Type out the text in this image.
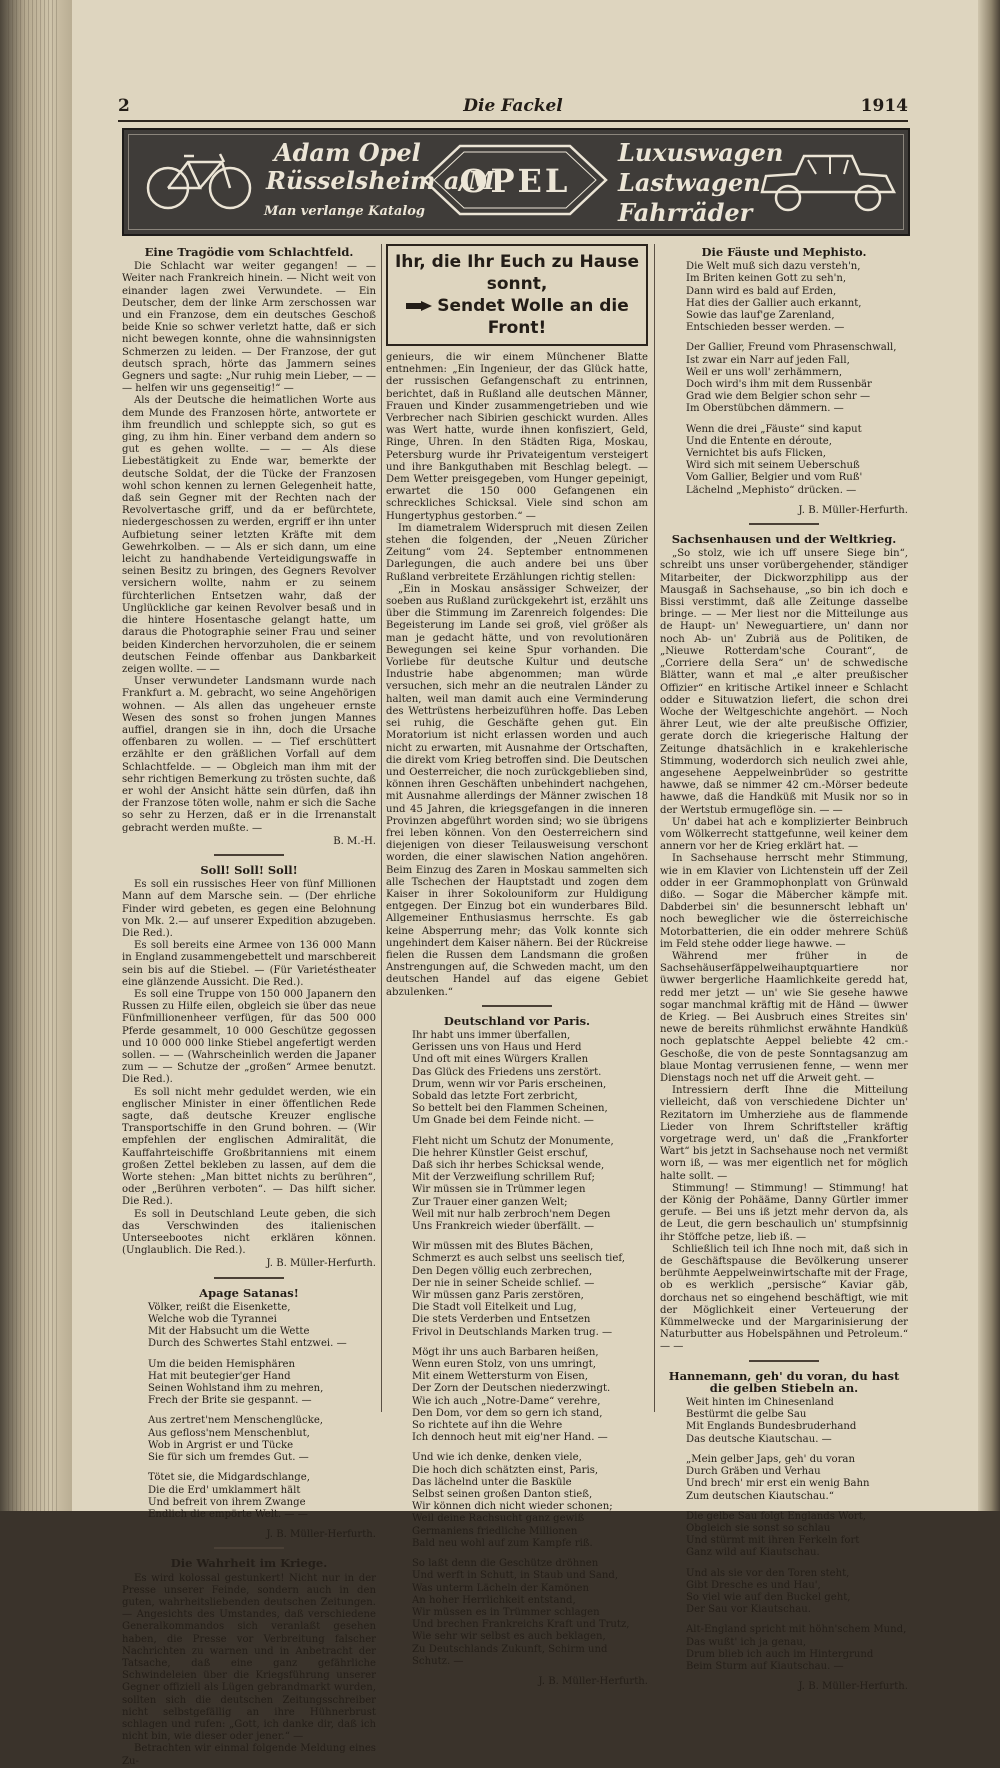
2	Die Fackel	1914
Adam Opel
Rüsselsheim a/M
Man verlange Katalog
OPEL
Luxuswagen
Lastwagen
Fahrräder
Eine Tragödie vom Schlachtfeld.

Die Schlacht war weiter gegangen! — — Weiter nach Frankreich hinein. — Nicht weit von einander lagen zwei Verwundete. — Ein Deutscher, dem der linke Arm zerschossen war und ein Franzose, dem ein deutsches Geschoß beide Knie so schwer verletzt hatte, daß er sich nicht bewegen konnte, ohne die wahnsinnigsten Schmerzen zu leiden. — Der Franzose, der gut deutsch sprach, hörte das Jammern seines Gegners und sagte: „Nur ruhig mein Lieber, — — — helfen wir uns gegenseitig!“ —

Als der Deutsche die heimatlichen Worte aus dem Munde des Franzosen hörte, antwortete er ihm freundlich und schleppte sich, so gut es ging, zu ihm hin. Einer verband dem andern so gut es gehen wollte. — — — Als diese Liebestätigkeit zu Ende war, bemerkte der deutsche Soldat, der die Tücke der Franzosen wohl schon kennen zu lernen Gelegenheit hatte, daß sein Gegner mit der Rechten nach der Revolvertasche griff, und da er befürchtete, niedergeschossen zu werden, ergriff er ihn unter Aufbietung seiner letzten Kräfte mit dem Gewehrkolben. — — Als er sich dann, um eine leicht zu handhabende Verteidigungswaffe in seinen Besitz zu bringen, des Gegners Revolver versichern wollte, nahm er zu seinem fürchterlichen Entsetzen wahr, daß der Unglückliche gar keinen Revolver besaß und in die hintere Hosentasche gelangt hatte, um daraus die Photographie seiner Frau und seiner beiden Kinderchen hervorzuholen, die er seinem deutschen Feinde offenbar aus Dankbarkeit zeigen wollte. — —

Unser verwundeter Landsmann wurde nach Frankfurt a. M. gebracht, wo seine Angehörigen wohnen. — Als allen das ungeheuer ernste Wesen des sonst so frohen jungen Mannes auffiel, drangen sie in ihn, doch die Ursache offenbaren zu wollen. — — Tief erschüttert erzählte er den gräßlichen Vorfall auf dem Schlachtfelde. — — Obgleich man ihm mit der sehr richtigen Bemerkung zu trösten suchte, daß er wohl der Ansicht hätte sein dürfen, daß ihn der Franzose töten wolle, nahm er sich die Sache so sehr zu Herzen, daß er in die Irrenanstalt gebracht werden mußte. —

B. M.-H.

Soll! Soll! Soll!

Es soll ein russisches Heer von fünf Millionen Mann auf dem Marsche sein. — (Der ehrliche Finder wird gebeten, es gegen eine Belohnung von Mk. 2.— auf unserer Expedition abzugeben. Die Red.).

Es soll bereits eine Armee von 136 000 Mann in England zusammengebettelt und marschbereit sein bis auf die Stiebel. — (Für Varietéstheater eine glänzende Aussicht. Die Red.).

Es soll eine Truppe von 150 000 Japanern den Russen zu Hilfe eilen, obgleich sie über das neue Fünfmillionenheer verfügen, für das 500 000 Pferde gesammelt, 10 000 Geschütze gegossen und 10 000 000 linke Stiebel angefertigt werden sollen. — — (Wahrscheinlich werden die Japaner zum — — Schutze der „großen“ Armee benutzt. Die Red.).

Es soll nicht mehr geduldet werden, wie ein englischer Minister in einer öffentlichen Rede sagte, daß deutsche Kreuzer englische Transportschiffe in den Grund bohren. — (Wir empfehlen der englischen Admiralität, die Kauffahrteischiffe Großbritanniens mit einem großen Zettel bekleben zu lassen, auf dem die Worte stehen: „Man bittet nichts zu berühren“, oder „Berühren verboten“. — Das hilft sicher. Die Red.).

Es soll in Deutschland Leute geben, die sich das Verschwinden des italienischen Unterseebootes nicht erklären können. (Unglaublich. Die Red.).

J. B. Müller-Herfurth.

Apage Satanas!
Völker, reißt die Eisenkette,
Welche wob die Tyrannei
Mit der Habsucht um die Wette
Durch des Schwertes Stahl entzwei. —
Um die beiden Hemisphären
Hat mit beutegier'ger Hand
Seinen Wohlstand ihm zu mehren,
Frech der Brite sie gespannt. —
Aus zertret'nem Menschenglücke,
Aus gefloss'nem Menschenblut,
Wob in Argrist er und Tücke
Sie für sich um fremdes Gut. —
Tötet sie, die Midgardschlange,
Die die Erd' umklammert hält
Und befreit von ihrem Zwange
Endlich die empörte Welt. — —

J. B. Müller-Herfurth.

Die Wahrheit im Kriege.

Es wird kolossal gestunkert! Nicht nur in der Presse unserer Feinde, sondern auch in den guten, wahrheitsliebenden deutschen Zeitungen. — Angesichts des Umstandes, daß verschiedene Generalkommandos sich veranlaßt gesehen haben, die Presse vor Verbreitung falscher Nachrichten zu warnen und in Anbetracht der Tatsache, daß eine ganz gefährliche Schwindeleien über die Kriegsführung unserer Gegner offiziell als Lügen gebrandmarkt wurden, sollten sich die deutschen Zeitungsschreiber nicht selbstgefällig an ihre Hühnerbrust schlagen und rufen: „Gott, ich danke dir, daß ich nicht bin, wie dieser oder jener.“ —

Betrachten wir einmal folgende Meldung eines Zu-

Ihr, die Ihr Euch zu Hause sonnt,
Sendet Wolle an die Front!

genieurs, die wir einem Münchener Blatte entnehmen: „Ein Ingenieur, der das Glück hatte, der russischen Gefangenschaft zu entrinnen, berichtet, daß in Rußland alle deutschen Männer, Frauen und Kinder zusammengetrieben und wie Verbrecher nach Sibirien geschickt wurden. Alles was Wert hatte, wurde ihnen konfisziert, Geld, Ringe, Uhren. In den Städten Riga, Moskau, Petersburg wurde ihr Privateigentum versteigert und ihre Bankguthaben mit Beschlag belegt. — Dem Wetter preisgegeben, vom Hunger gepeinigt, erwartet die 150 000 Gefangenen ein schreckliches Schicksal. Viele sind schon am Hungertyphus gestorben.“ —

Im diametralem Widerspruch mit diesen Zeilen stehen die folgenden, der „Neuen Züricher Zeitung“ vom 24. September entnommenen Darlegungen, die auch andere bei uns über Rußland verbreitete Erzählungen richtig stellen:

„Ein in Moskau ansässiger Schweizer, der soeben aus Rußland zurückgekehrt ist, erzählt uns über die Stimmung im Zarenreich folgendes: Die Begeisterung im Lande sei groß, viel größer als man je gedacht hätte, und von revolutionären Bewegungen sei keine Spur vorhanden. Die Vorliebe für deutsche Kultur und deutsche Industrie habe abgenommen; man würde versuchen, sich mehr an die neutralen Länder zu halten, weil man damit auch eine Verminderung des Wettrüstens herbeizuführen hoffe. Das Leben sei ruhig, die Geschäfte gehen gut. Ein Moratorium ist nicht erlassen worden und auch nicht zu erwarten, mit Ausnahme der Ortschaften, die direkt vom Krieg betroffen sind. Die Deutschen und Oesterreicher, die noch zurückgeblieben sind, können ihren Geschäften unbehindert nachgehen, mit Ausnahme allerdings der Männer zwischen 18 und 45 Jahren, die kriegsgefangen in die inneren Provinzen abgeführt worden sind; wo sie übrigens frei leben können. Von den Oesterreichern sind diejenigen von dieser Teilausweisung verschont worden, die einer slawischen Nation angehören. Beim Einzug des Zaren in Moskau sammelten sich alle Tschechen der Hauptstadt und zogen dem Kaiser in ihrer Sokolouniform zur Huldigung entgegen. Der Einzug bot ein wunderbares Bild. Allgemeiner Enthusiasmus herrschte. Es gab keine Absperrung mehr; das Volk konnte sich ungehindert dem Kaiser nähern. Bei der Rückreise fielen die Russen dem Landsmann die großen Anstrengungen auf, die Schweden macht, um den deutschen Handel auf das eigene Gebiet abzulenken.“

Deutschland vor Paris.
Ihr habt uns immer überfallen,
Gerissen uns von Haus und Herd
Und oft mit eines Würgers Krallen
Das Glück des Friedens uns zerstört.
Drum, wenn wir vor Paris erscheinen,
Sobald das letzte Fort zerbricht,
So bettelt bei den Flammen Scheinen,
Um Gnade bei dem Feinde nicht. —
Fleht nicht um Schutz der Monumente,
Die hehrer Künstler Geist erschuf,
Daß sich ihr herbes Schicksal wende,
Mit der Verzweiflung schrillem Ruf;
Wir müssen sie in Trümmer legen
Zur Trauer einer ganzen Welt;
Weil mit nur halb zerbroch'nem Degen
Uns Frankreich wieder überfällt. —
Wir müssen mit des Blutes Bächen,
Schmerzt es auch selbst uns seelisch tief,
Den Degen völlig euch zerbrechen,
Der nie in seiner Scheide schlief. —
Wir müssen ganz Paris zerstören,
Die Stadt voll Eitelkeit und Lug,
Die stets Verderben und Entsetzen
Frivol in Deutschlands Marken trug. —
Mögt ihr uns auch Barbaren heißen,
Wenn euren Stolz, von uns umringt,
Mit einem Wettersturm von Eisen,
Der Zorn der Deutschen niederzwingt.
Wie ich auch „Notre-Dame“ verehre,
Den Dom, vor dem so gern ich stand,
So richtete auf ihn die Wehre
Ich dennoch heut mit eig'ner Hand. —
Und wie ich denke, denken viele,
Die hoch dich schätzten einst, Paris,
Das lächelnd unter die Basküle
Selbst seinen großen Danton stieß,
Wir können dich nicht wieder schonen;
Weil deine Rachsucht ganz gewiß
Germaniens friedliche Millionen
Bald neu wohl auf zum Kampfe riß.
So laßt denn die Geschütze dröhnen
Und werft in Schutt, in Staub und Sand,
Was unterm Lächeln der Kamönen
An hoher Herrlichkeit entstand,
Wir müssen es in Trümmer schlagen
Und brechen Frankreichs Kraft und Trutz,
Wie sehr wir selbst es auch beklagen,
Zu Deutschlands Zukunft, Schirm und Schutz. —

J. B. Müller-Herfurth.

Die Fäuste und Mephisto.
Die Welt muß sich dazu versteh'n,
Im Briten keinen Gott zu seh'n,
Dann wird es bald auf Erden,
Hat dies der Gallier auch erkannt,
Sowie das lauf'ge Zarenland,
Entschieden besser werden. —
Der Gallier, Freund vom Phrasenschwall,
Ist zwar ein Narr auf jeden Fall,
Weil er uns woll' zerhämmern,
Doch wird's ihm mit dem Russenbär
Grad wie dem Belgier schon sehr —
Im Oberstübchen dämmern. —
Wenn die drei „Fäuste“ sind kaput
Und die Entente en déroute,
Vernichtet bis aufs Flicken,
Wird sich mit seinem Ueberschuß
Vom Gallier, Belgier und vom Ruß'
Lächelnd „Mephisto“ drücken. —

J. B. Müller-Herfurth.

Sachsenhausen und der Weltkrieg.

„So stolz, wie ich uff unsere Siege bin“, schreibt uns unser vorübergehender, ständiger Mitarbeiter, der Dickworzphilipp aus der Mausgaß in Sachsehause, „so bin ich doch e Bissi verstimmt, daß alle Zeitunge dasselbe bringe. — — Mer liest nor die Mitteilunge aus de Haupt- un' Neweguartiere, un' dann nor noch Ab- un' Zubriä aus de Politiken, de „Nieuwe Rotterdam'sche Courant“, de „Corriere della Sera“ un' de schwedische Blätter, wann et mal „e alter preußischer Offizier“ en kritische Artikel inneer e Schlacht odder e Situwatzion liefert, die schon drei Woche der Weltgeschichte angehört. — Noch ährer Leut, wie der alte preußische Offizier, gerate dorch die kriegerische Haltung der Zeitunge dhatsächlich in e krakehlerische Stimmung, woderdorch sich neulich zwei ahle, angesehene Aeppelweinbrüder so gestritte hawwe, daß se nimmer 42 cm.-Mörser bedeute hawwe, daß die Handküß mit Musik nor so in der Wertstub ermugeflöge sin. — —

Un' dabei hat ach e komplizierter Beinbruch vom Wölkerrecht stattgefunne, weil keiner dem annern vor her de Krieg erklärt hat. —

In Sachsehause herrscht mehr Stimmung, wie in em Klavier von Lichtenstein uff der Zeil odder in eer Grammophonplatt von Grünwald dißo. — Sogar die Mäbercher kämpfe mit. Dabderbei sin' die besunnerscht lebhaft un' noch beweglicher wie die österreichische Motorbatterien, die ein odder mehrere Schüß im Feld stehe odder liege hawwe. —

Während mer früher in de Sachsehäuserfäppelweihauptquartiere nor üwwer bergerliche Haamlichkeite geredd hat, redd mer jetzt — un' wie Sie gesehe hawwe sogar manchmal kräftig mit de Händ — üwwer de Krieg. — Bei Ausbruch eines Streites sin' newe de bereits rühmlichst erwähnte Handküß noch geplatschte Aeppel beliebte 42 cm.-Geschoße, die von de peste Sonntagsanzug am blaue Montag verrusienen fenne, — wenn mer Dienstags noch net uff die Arweit geht. —

Intressiern derft Ihne die Mitteilung vielleicht, daß von verschiedene Dichter un' Rezitatorn im Umherziehe aus de flammende Lieder von Ihrem Schriftsteller kräftig vorgetrage werd, un' daß die „Frankforter Wart“ bis jetzt in Sachsehause noch net vermißt worn iß, — was mer eigentlich net for möglich halte sollt. —

Stimmung! — Stimmung! — Stimmung! hat der König der Pohääme, Danny Gürtler immer gerufe. — Bei uns iß jetzt mehr dervon da, als de Leut, die gern beschaulich un' stumpfsinnig ihr Stöffche petze, lieb iß. —

Schließlich teil ich Ihne noch mit, daß sich in de Geschäftspause die Bevölkerung unserer berühmte Aeppelweinwirtschafte mit der Frage, ob es werklich „persische“ Kaviar gäb, dorchaus net so eingehend beschäftigt, wie mit der Möglichkeit einer Verteuerung der Kümmelwecke und der Margarinisierung der Naturbutter aus Hobelspähnen und Petroleum.“ — —

Hannemann, geh' du voran, du hast die gelben Stiebeln an.
Weit hinten im Chinesenland
Bestürmt die gelbe Sau
Mit Englands Bundesbruderhand
Das deutsche Kiautschau. —
„Mein gelber Japs, geh' du voran
Durch Gräben und Verhau
Und brech' mir erst ein wenig Bahn
Zum deutschen Kiautschau.“
Die gelbe Sau folgt Englands Wort,
Obgleich sie sonst so schlau
Und stürmt mit ihren Ferkeln fort
Ganz wild auf Kiautschau.
Und als sie vor den Toren steht,
Gibt Dresche es und Hau',
So viel wie auf den Buckel geht,
Der Sau vor Kiautschau.
Alt-England spricht mit höhn'schem Mund,
Das wußt' ich ja genau,
Drum blieb ich auch im Hintergrund
Beim Sturm auf Kiautschau. —

J. B. Müller-Herfurth.
